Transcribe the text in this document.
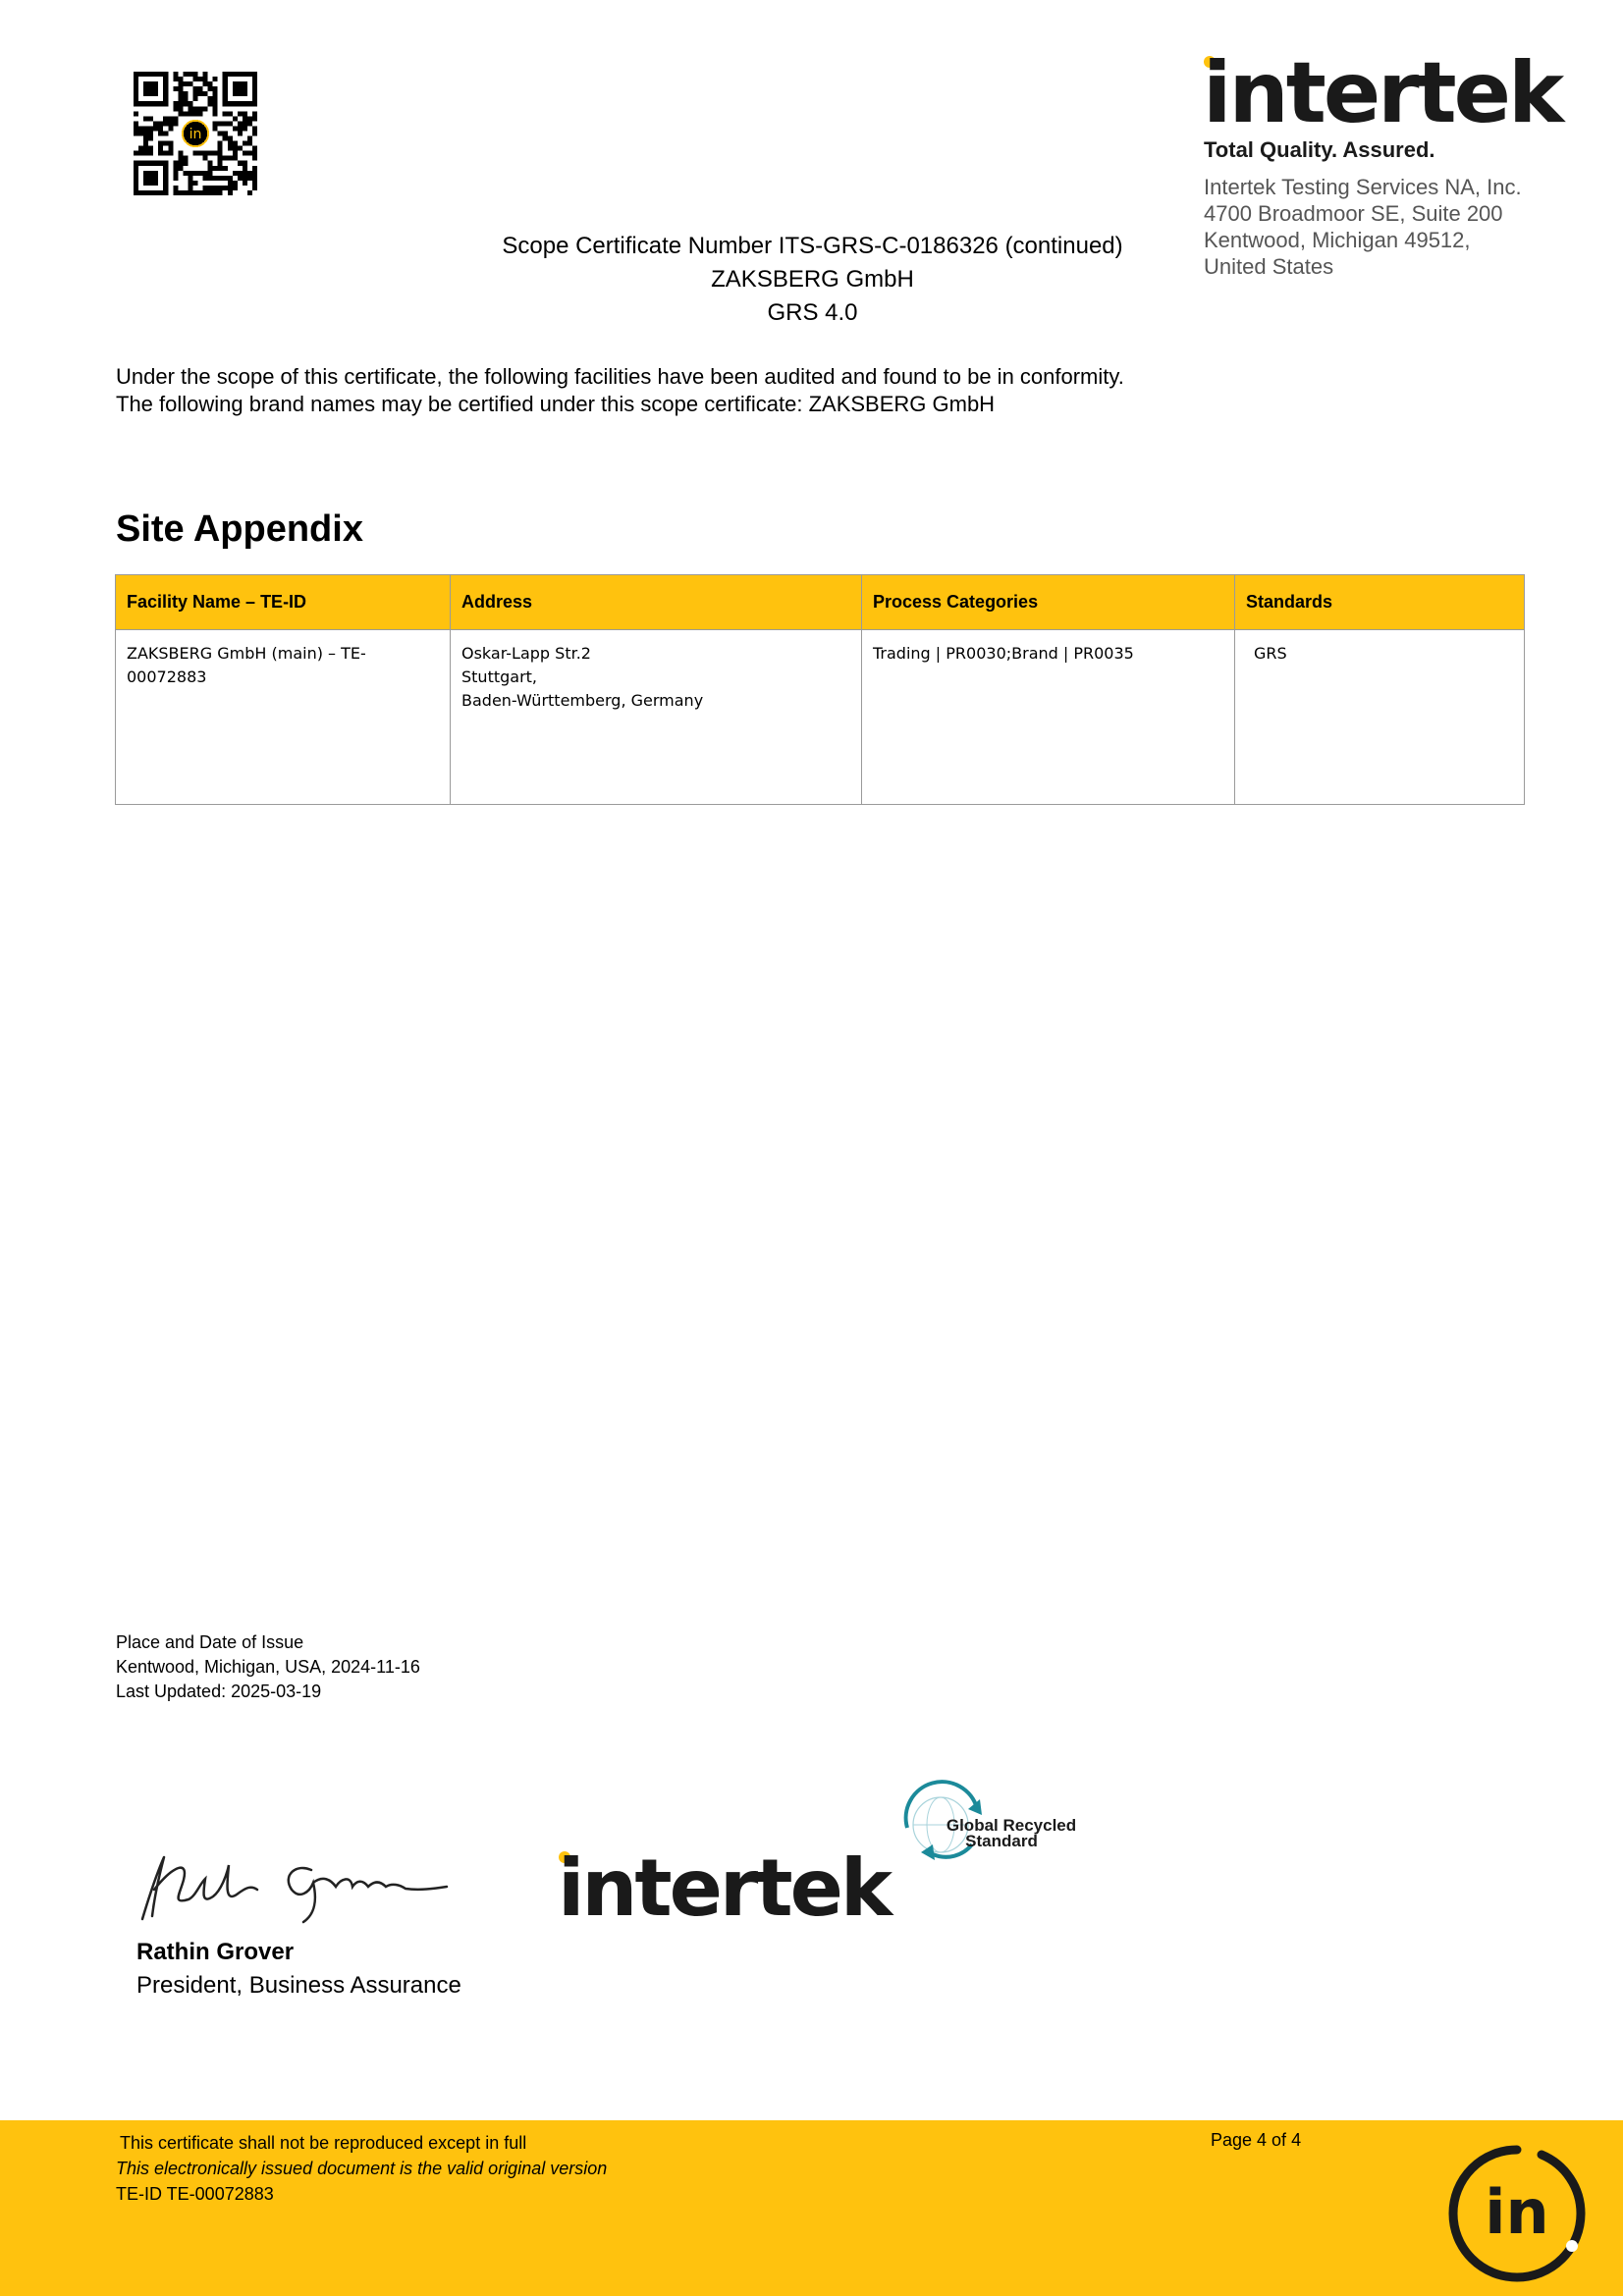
in	intertek
Total Quality. Assured.
Intertek Testing Services NA, Inc.
4700 Broadmoor SE, Suite 200
Kentwood, Michigan 49512,
United States
Scope Certificate Number ITS-GRS-C-0186326 (continued)
ZAKSBERG GmbH
GRS 4.0
Under the scope of this certificate, the following facilities have been audited and found to be in conformity.
The following brand names may be certified under this scope certificate: ZAKSBERG GmbH
Site Appendix
Facility Name – TE-ID	Address	Process Categories	Standards
ZAKSBERG GmbH (main) – TE-00072883	Oskar-Lapp Str.2
Stuttgart,
Baden-Württemberg, Germany	Trading | PR0030;Brand | PR0035	GRS
Place and Date of Issue
Kentwood, Michigan, USA, 2024-11-16
Last Updated: 2025-03-19
Rathin Grover
President, Business Assurance
intertek
Global Recycled
Standard
This certificate shall not be reproduced except in full
This electronically issued document is the valid original version
TE-ID TE-00072883
Page 4 of 4
in
